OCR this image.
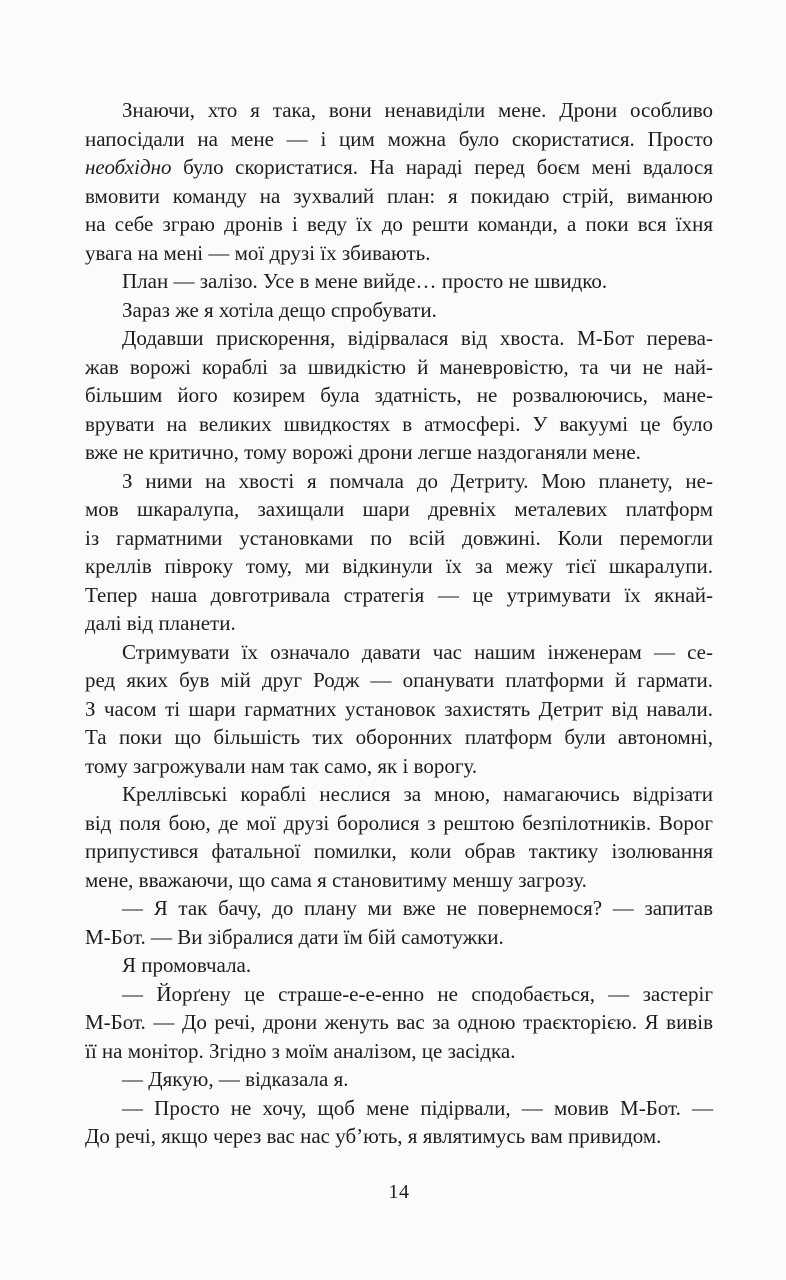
Знаючи, хто я така, вони ненавиділи мене. Дрони особливо
напосідали на мене — і цим можна було скористатися. Просто
необхідно було скористатися. На нараді перед боєм мені вдалося
вмовити команду на зухвалий план: я покидаю стрій, виманюю
на себе зграю дронів і веду їх до решти команди, а поки вся їхня
увага на мені — мої друзі їх збивають.

План — залізо. Усе в мене вийде… просто не швидко.

Зараз же я хотіла дещо спробувати.

Додавши прискорення, відірвалася від хвоста. М-Бот перева-
жав ворожі кораблі за швидкістю й маневровістю, та чи не най-
більшим його козирем була здатність, не розвалюючись, мане-
врувати на великих швидкостях в атмосфері. У вакуумі це було
вже не критично, тому ворожі дрони легше наздоганяли мене.

З ними на хвості я помчала до Детриту. Мою планету, не-
мов шкаралупа, захищали шари древніх металевих платформ
із гарматними установками по всій довжині. Коли перемогли
креллів півроку тому, ми відкинули їх за межу тієї шкаралупи.
Тепер наша довготривала стратегія — це утримувати їх якнай-
далі від планети.

Стримувати їх означало давати час нашим інженерам — се-
ред яких був мій друг Родж — опанувати платформи й гармати.
З часом ті шари гарматних установок захистять Детрит від навали.
Та поки що більшість тих оборонних платформ були автономні,
тому загрожували нам так само, як і ворогу.

Креллівські кораблі неслися за мною, намагаючись відрізати
від поля бою, де мої друзі боролися з рештою безпілотників. Ворог
припустився фатальної помилки, коли обрав тактику ізолювання
мене, вважаючи, що сама я становитиму меншу загрозу.

— Я так бачу, до плану ми вже не повернемося? — запитав
М-Бот. — Ви зібралися дати їм бій самотужки.

Я промовчала.

— Йорґену це страше-е-е-енно не сподобається, — застеріг
М-Бот. — До речі, дрони женуть вас за одною траєкторією. Я вивів
її на монітор. Згідно з моїм аналізом, це засідка.

— Дякую, — відказала я.

— Просто не хочу, щоб мене підірвали, — мовив М-Бот. —
До речі, якщо через вас нас уб’ють, я являтимусь вам привидом.

14
